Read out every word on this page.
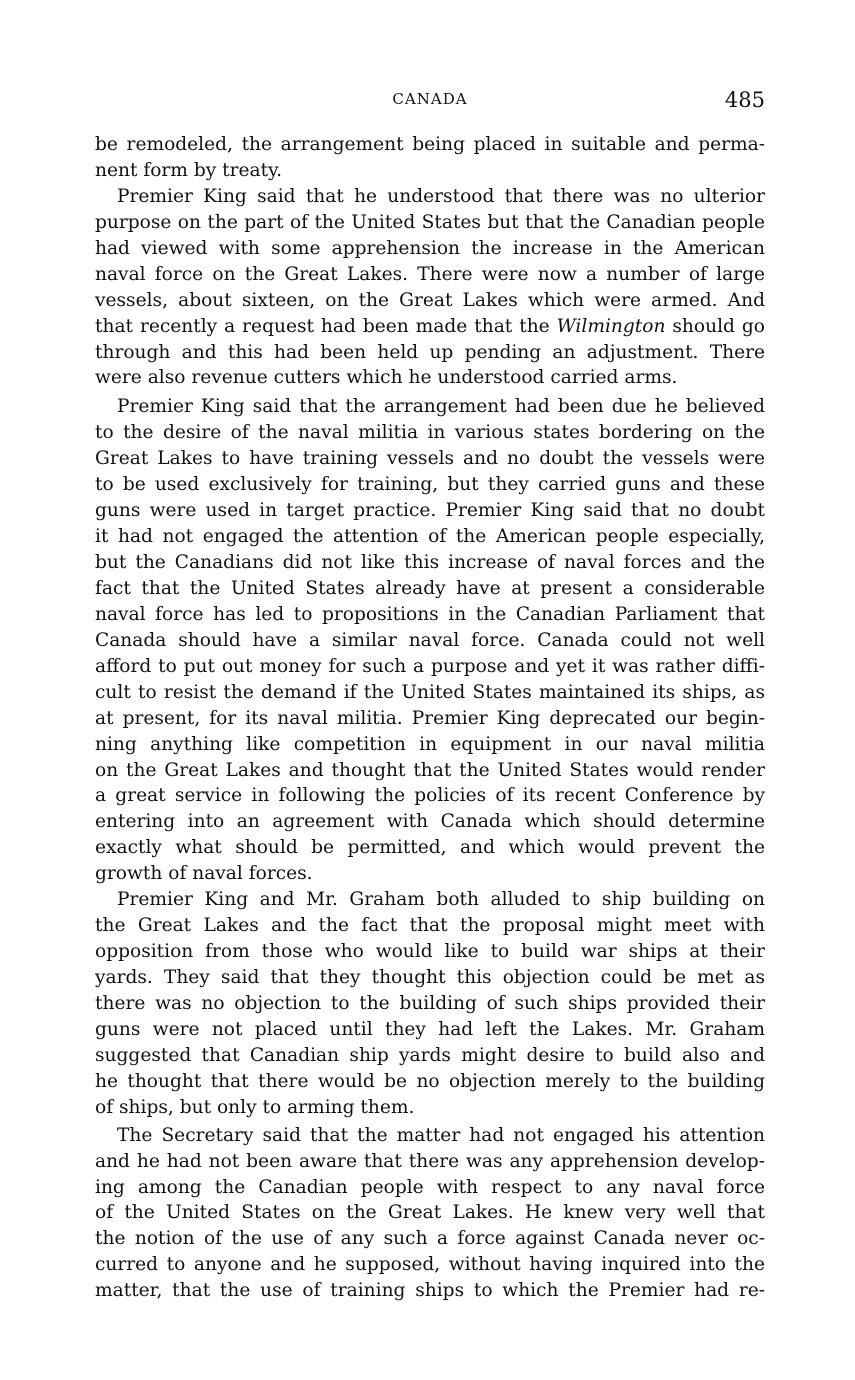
CANADA	485
be remodeled, the arrangement being placed in suitable and perma-
nent form by treaty.
Premier King said that he understood that there was no ulterior
purpose on the part of the United States but that the Canadian people
had viewed with some apprehension the increase in the American
naval force on the Great Lakes. There were now a number of large
vessels, about sixteen, on the Great Lakes which were armed. And
that recently a request had been made that the Wilmington should go
through and this had been held up pending an adjustment. There
were also revenue cutters which he understood carried arms.
Premier King said that the arrangement had been due he believed
to the desire of the naval militia in various states bordering on the
Great Lakes to have training vessels and no doubt the vessels were
to be used exclusively for training, but they carried guns and these
guns were used in target practice. Premier King said that no doubt
it had not engaged the attention of the American people especially,
but the Canadians did not like this increase of naval forces and the
fact that the United States already have at present a considerable
naval force has led to propositions in the Canadian Parliament that
Canada should have a similar naval force. Canada could not well
afford to put out money for such a purpose and yet it was rather diffi-
cult to resist the demand if the United States maintained its ships, as
at present, for its naval militia. Premier King deprecated our begin-
ning anything like competition in equipment in our naval militia
on the Great Lakes and thought that the United States would render
a great service in following the policies of its recent Conference by
entering into an agreement with Canada which should determine
exactly what should be permitted, and which would prevent the
growth of naval forces.
Premier King and Mr. Graham both alluded to ship building on
the Great Lakes and the fact that the proposal might meet with
opposition from those who would like to build war ships at their
yards. They said that they thought this objection could be met as
there was no objection to the building of such ships provided their
guns were not placed until they had left the Lakes. Mr. Graham
suggested that Canadian ship yards might desire to build also and
he thought that there would be no objection merely to the building
of ships, but only to arming them.
The Secretary said that the matter had not engaged his attention
and he had not been aware that there was any apprehension develop-
ing among the Canadian people with respect to any naval force
of the United States on the Great Lakes. He knew very well that
the notion of the use of any such a force against Canada never oc-
curred to anyone and he supposed, without having inquired into the
matter, that the use of training ships to which the Premier had re-
